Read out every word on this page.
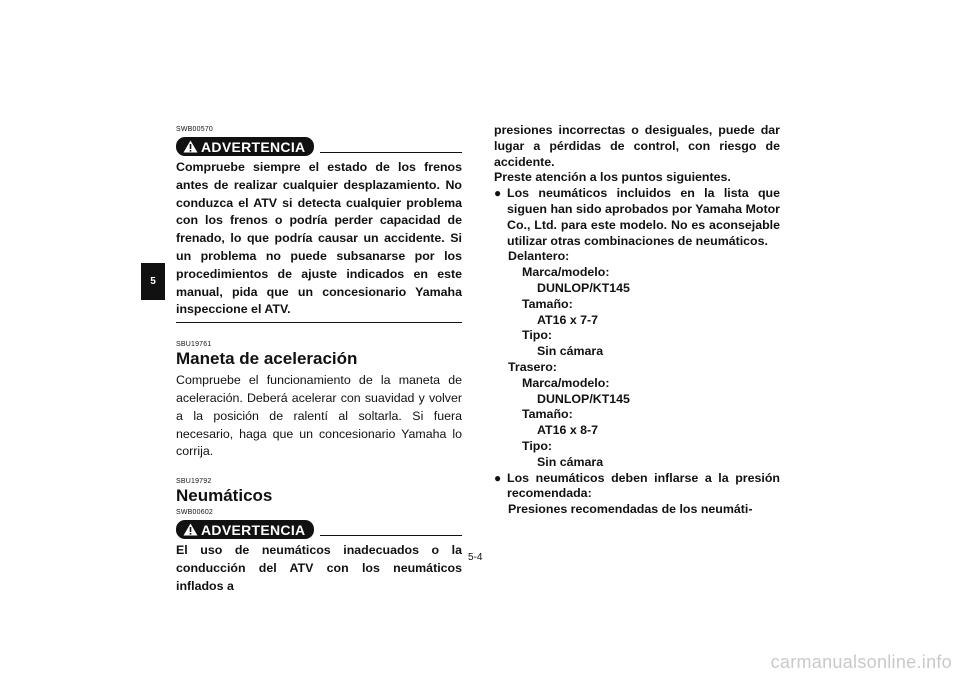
5

SWB00570

ADVERTENCIA

Compruebe siempre el estado de los frenos antes de realizar cualquier desplazamiento. No conduzca el ATV si detecta cualquier problema con los frenos o podría perder capacidad de frenado, lo que podría causar un accidente. Si un problema no puede subsanarse por los procedimientos de ajuste indicados en este manual, pida que un concesionario Yamaha inspeccione el ATV.

SBU19761

Maneta de aceleración

Compruebe el funcionamiento de la maneta de aceleración. Deberá acelerar con suavidad y volver a la posición de ralentí al soltarla. Si fuera necesario, haga que un concesionario Yamaha lo corrija.

SBU19792

Neumáticos

SWB00602

ADVERTENCIA

El uso de neumáticos inadecuados o la conducción del ATV con los neumáticos inflados a

presiones incorrectas o desiguales, puede dar lugar a pérdidas de control, con riesgo de accidente.

Preste atención a los puntos siguientes.

● Los neumáticos incluidos en la lista que siguen han sido aprobados por Yamaha Motor Co., Ltd. para este modelo. No es aconsejable utilizar otras combinaciones de neumáticos.
Delantero:
Marca/modelo:
DUNLOP/KT145
Tamaño:
AT16 x 7-7
Tipo:
Sin cámara
Trasero:
Marca/modelo:
DUNLOP/KT145
Tamaño:
AT16 x 8-7
Tipo:
Sin cámara
● Los neumáticos deben inflarse a la presión recomendada:
Presiones recomendadas de los neumáti-
5-4
carmanualsonline.info
